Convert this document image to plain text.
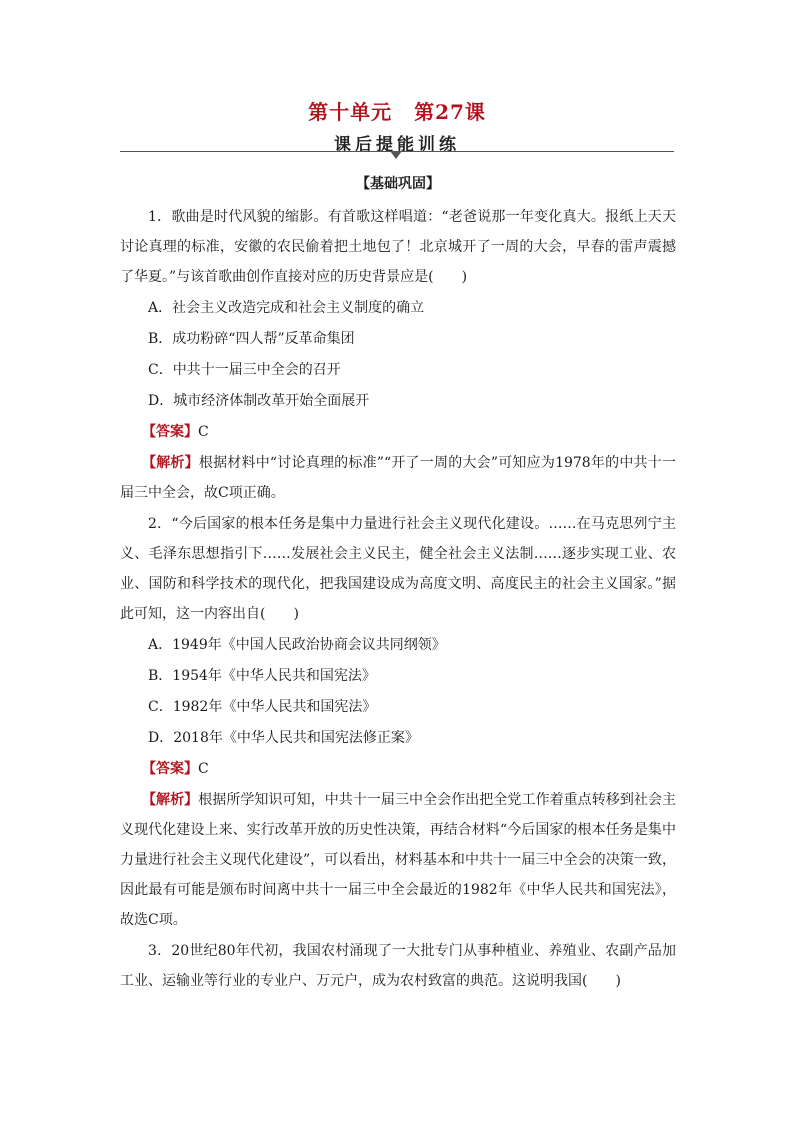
第十单元 第27课
课后提能训练
【基础巩固】

1．歌曲是时代风貌的缩影。有首歌这样唱道：“老爸说那一年变化真大。报纸上天天讨论真理的标准，安徽的农民偷着把土地包了！北京城开了一周的大会，早春的雷声震撼了华夏。”与该首歌曲创作直接对应的历史背景应是(　　)

A．社会主义改造完成和社会主义制度的确立
B．成功粉碎“四人帮”反革命集团
C．中共十一届三中全会的召开
D．城市经济体制改革开始全面展开
【答案】C

【解析】根据材料中“讨论真理的标准”“开了一周的大会”可知应为1978年的中共十一届三中全会，故C项正确。

2．“今后国家的根本任务是集中力量进行社会主义现代化建设。……在马克思列宁主义、毛泽东思想指引下……发展社会主义民主，健全社会主义法制……逐步实现工业、农业、国防和科学技术的现代化，把我国建设成为高度文明、高度民主的社会主义国家。”据此可知，这一内容出自(　　)

A．1949年《中国人民政治协商会议共同纲领》
B．1954年《中华人民共和国宪法》
C．1982年《中华人民共和国宪法》
D．2018年《中华人民共和国宪法修正案》
【答案】C

【解析】根据所学知识可知，中共十一届三中全会作出把全党工作着重点转移到社会主义现代化建设上来、实行改革开放的历史性决策，再结合材料“今后国家的根本任务是集中力量进行社会主义现代化建设”，可以看出，材料基本和中共十一届三中全会的决策一致，因此最有可能是颁布时间离中共十一届三中全会最近的1982年《中华人民共和国宪法》，故选C项。

3．20世纪80年代初，我国农村涌现了一大批专门从事种植业、养殖业、农副产品加工业、运输业等行业的专业户、万元户，成为农村致富的典范。这说明我国(　　)
